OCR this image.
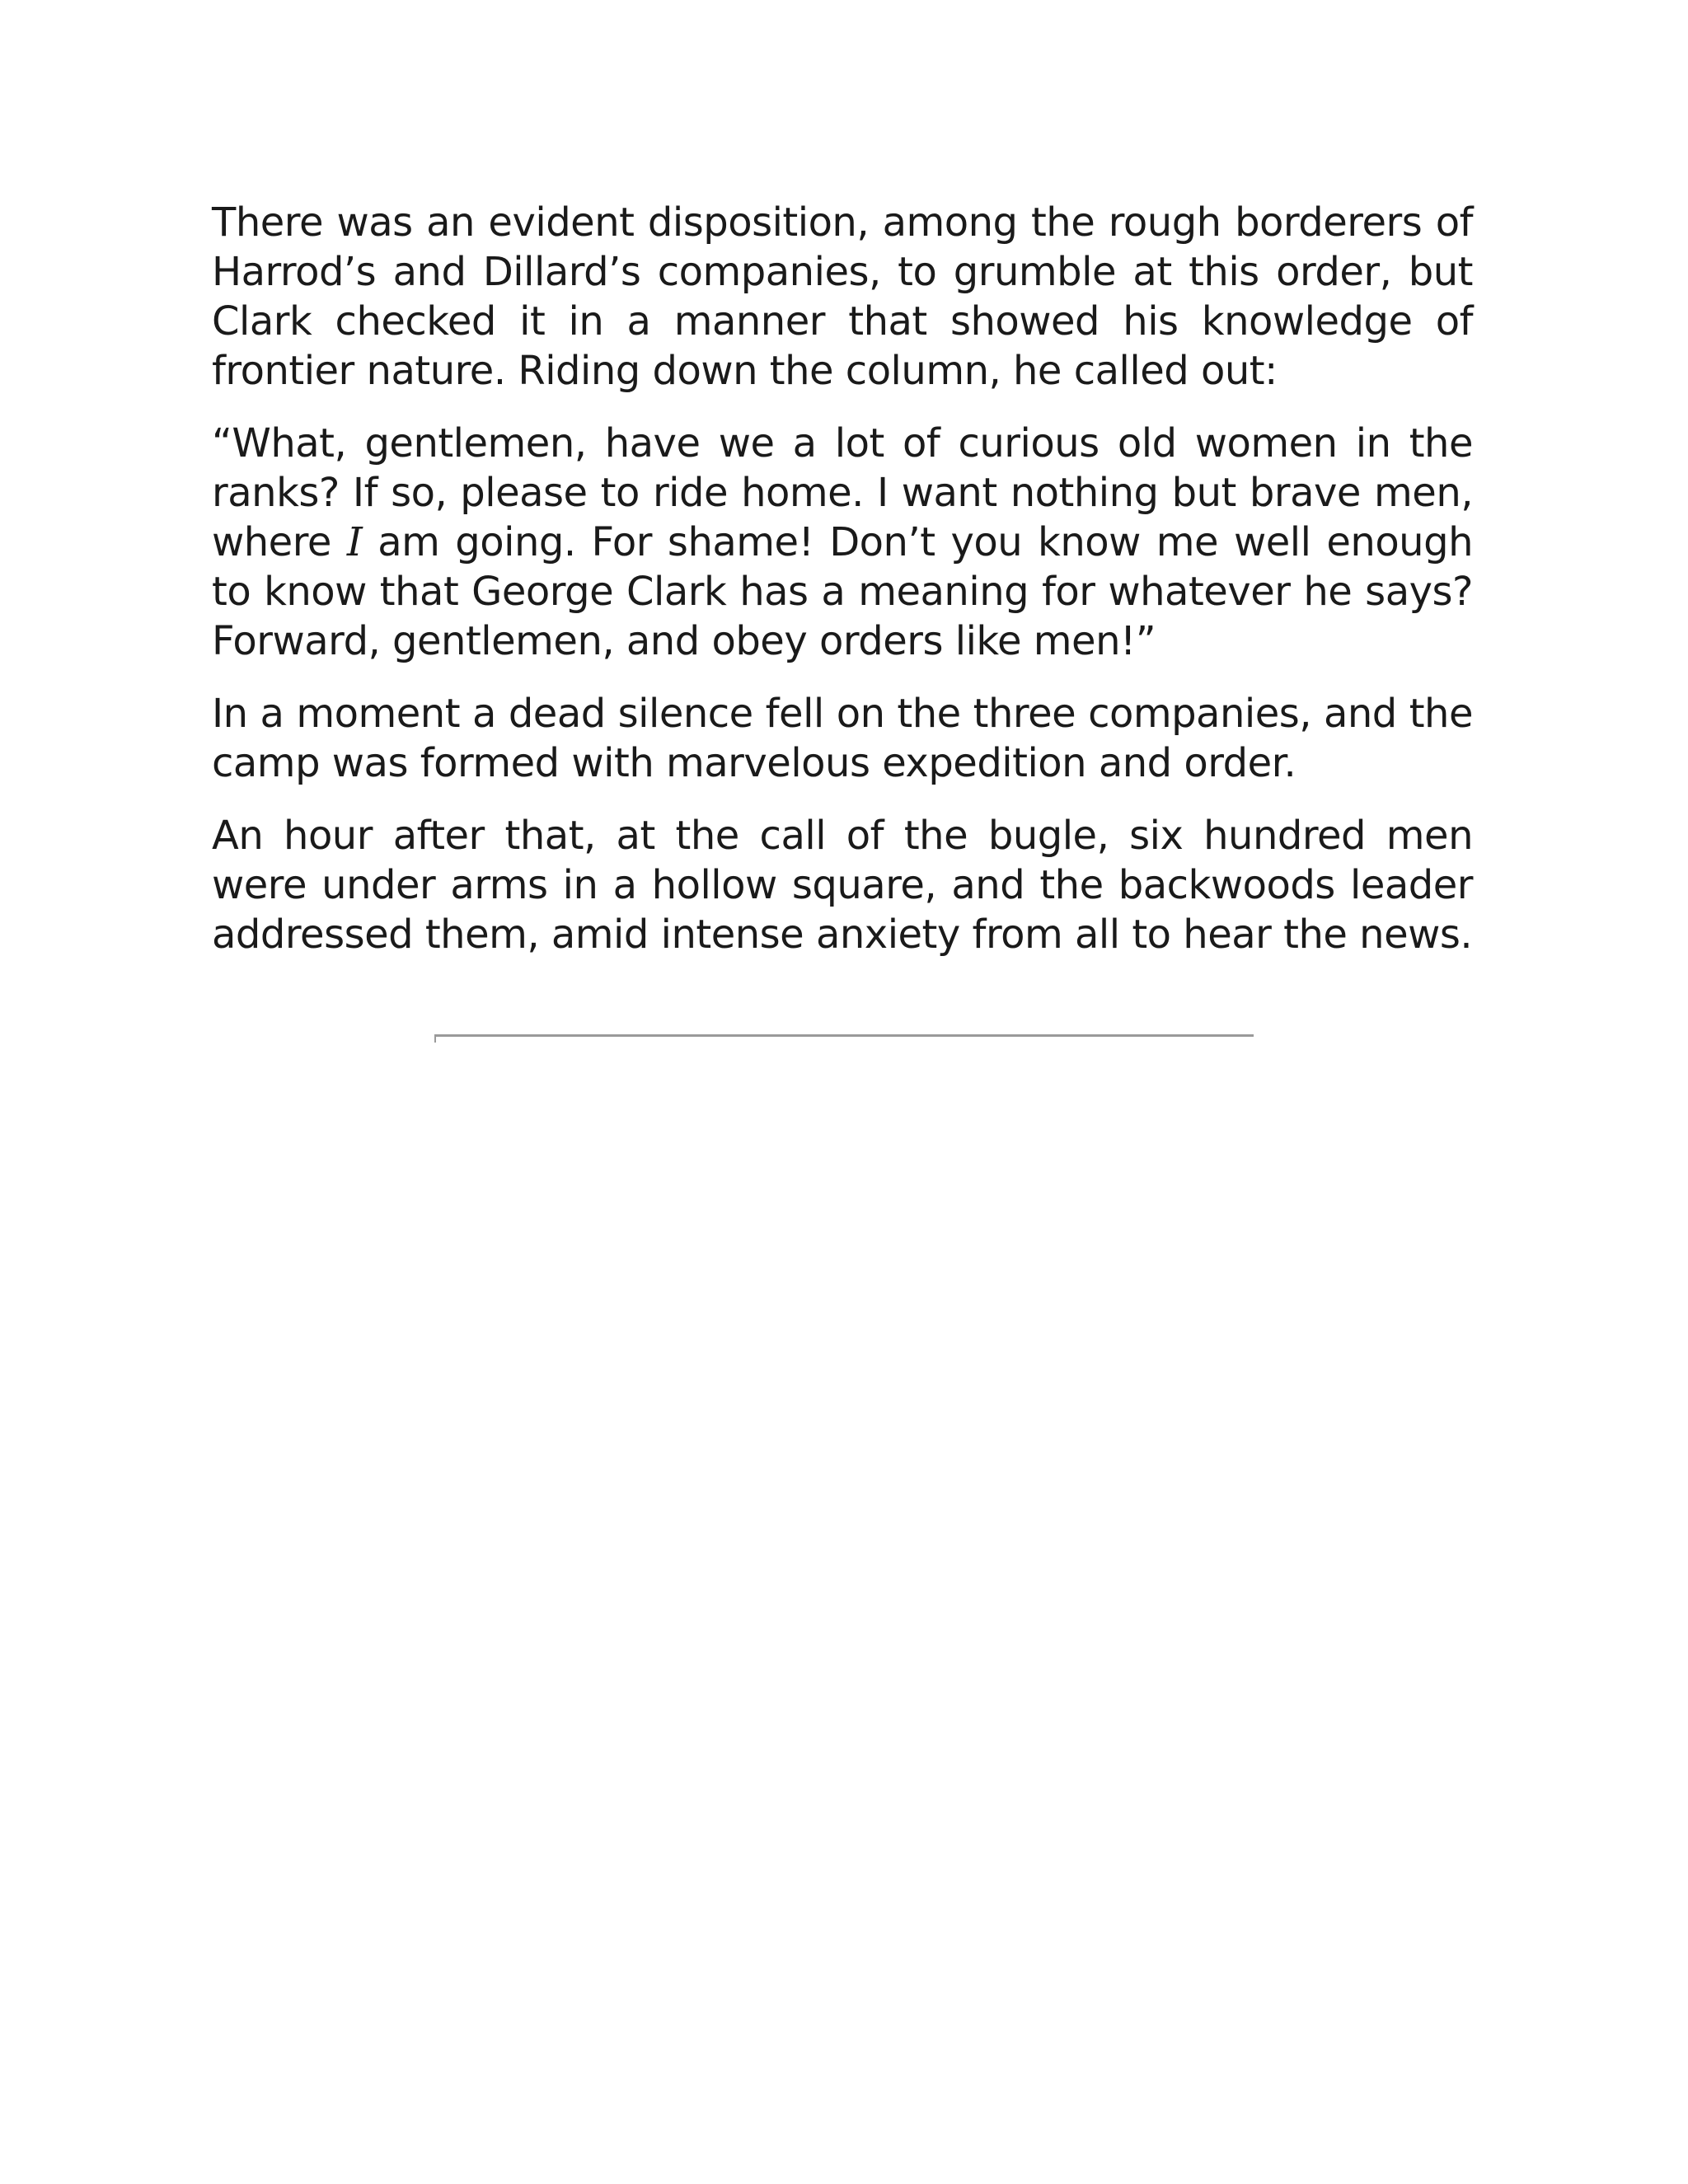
There was an evident disposition, among the rough borderers of Harrod’s and Dillard’s companies, to grumble at this order, but Clark checked it in a manner that showed his knowledge of frontier nature. Riding down the column, he called out:

“What, gentlemen, have we a lot of curious old women in the ranks? If so, please to ride home. I want nothing but brave men, where I am going. For shame! Don’t you know me well enough to know that George Clark has a meaning for whatever he says? Forward, gentlemen, and obey orders like men!”

In a moment a dead silence fell on the three companies, and the camp was formed with marvelous expedition and order.

An hour after that, at the call of the bugle, six hundred men were under arms in a hollow square, and the backwoods leader addressed them, amid intense anxiety from all to hear the news.
